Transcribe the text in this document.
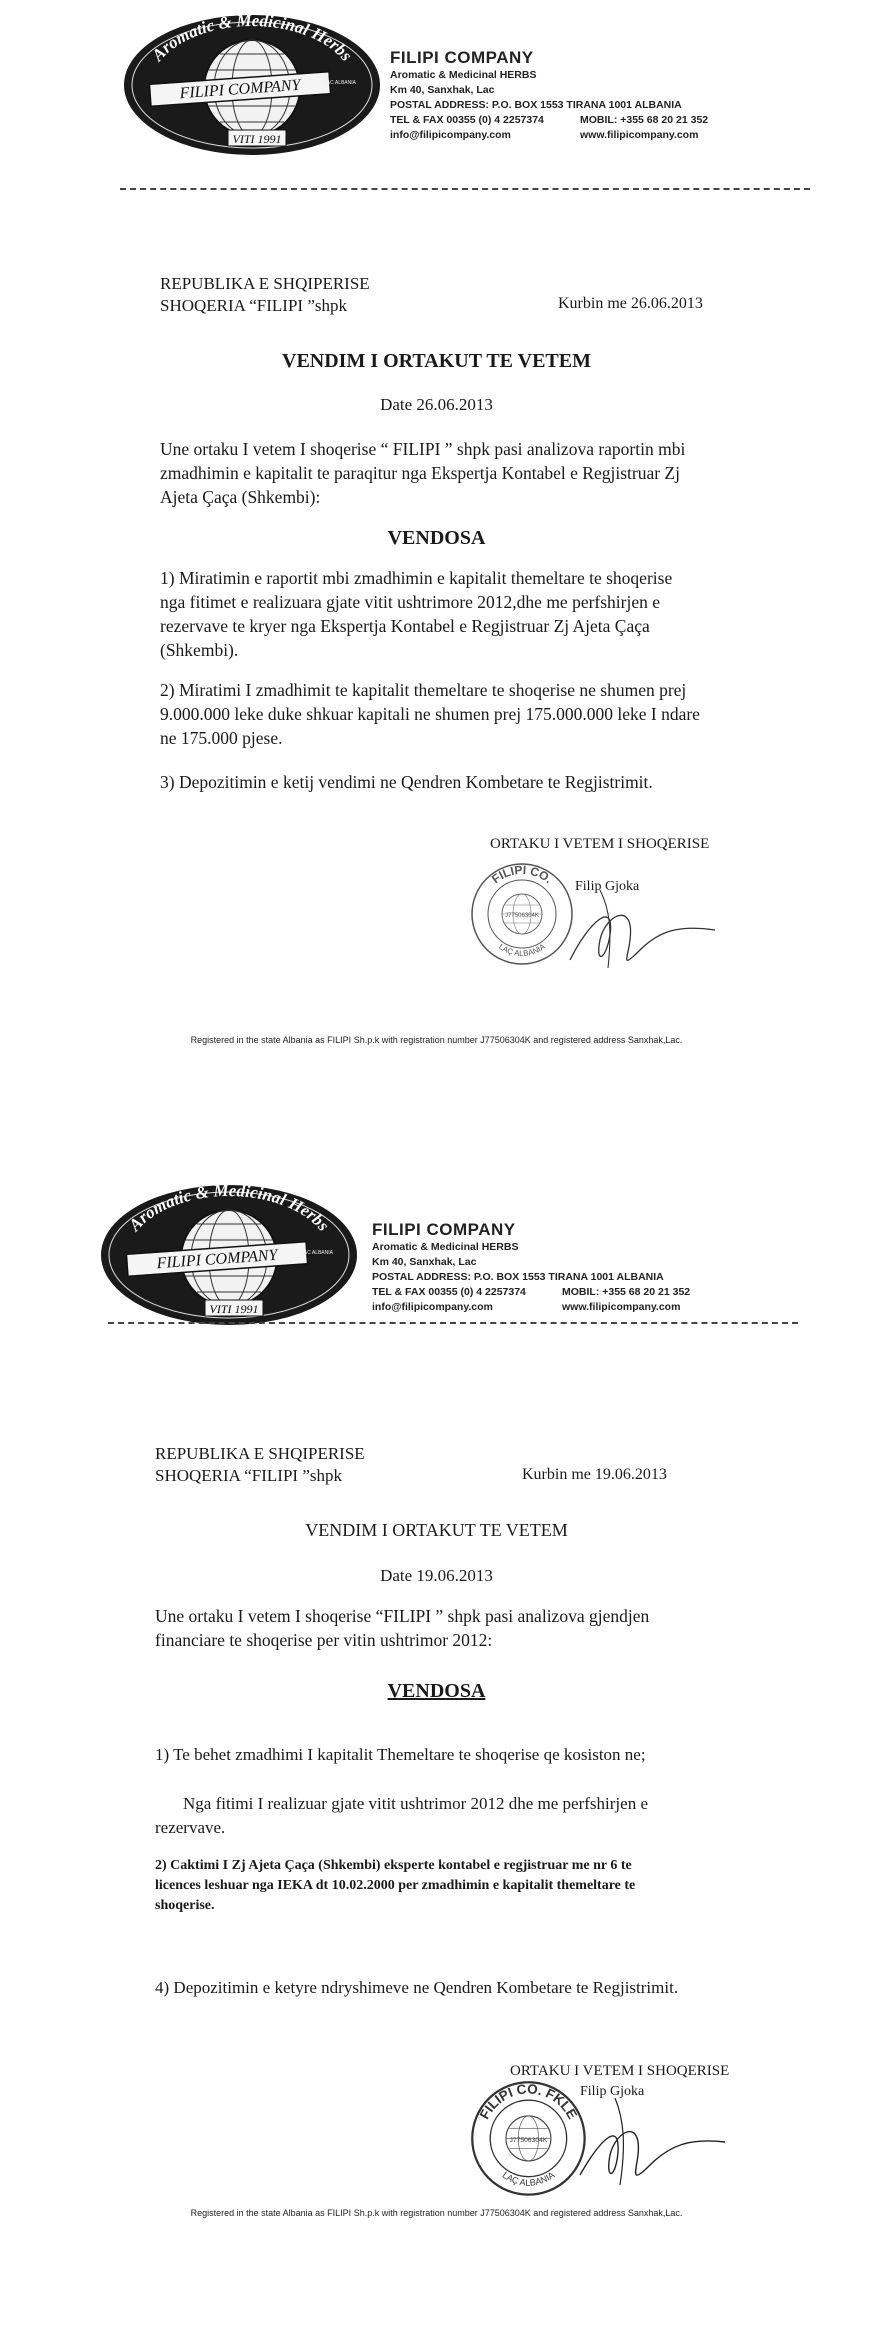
FILIPI COMPANY	LAC ALBANIA
Aromatic & Medicinal Herbs
VITI 1991
FILIPI COMPANY
Aromatic & Medicinal HERBS
Km 40, Sanxhak, Lac
POSTAL ADDRESS: P.O. BOX 1553 TIRANA 1001 ALBANIA
TEL & FAX 00355 (0) 4 2257374	MOBIL: +355 68 20 21 352
info@filipicompany.com	www.filipicompany.com
REPUBLIKA E SHQIPERISE
SHOQERIA “FILIPI ”shpk	Kurbin me 26.06.2013
VENDIM I ORTAKUT TE VETEM
Date 26.06.2013
Une ortaku I vetem I shoqerise “ FILIPI ” shpk pasi analizova raportin mbi
zmadhimin e kapitalit te paraqitur nga Ekspertja Kontabel e Regjistruar Zj
Ajeta Çaça (Shkembi):
VENDOSA
1) Miratimin e raportit mbi zmadhimin e kapitalit themeltare te shoqerise
nga fitimet e realizuara gjate vitit ushtrimore 2012,dhe me perfshirjen e
rezervave te kryer nga Ekspertja Kontabel e Regjistruar Zj Ajeta Çaça
(Shkembi).
2) Miratimi I zmadhimit te kapitalit themeltare te shoqerise ne shumen prej
9.000.000 leke duke shkuar kapitali ne shumen prej 175.000.000 leke I ndare
ne 175.000 pjese.
3) Depozitimin e ketij vendimi ne Qendren Kombetare te Regjistrimit.
ORTAKU I VETEM I SHOQERISE
FILIPI CO.
LAÇ ALBANIA
J77506304K
Filip Gjoka
Registered in the state Albania as FILIPI Sh.p.k with registration number J77506304K and registered address Sanxhak,Lac.
FILIPI COMPANY	LAC ALBANIA
Aromatic & Medicinal Herbs
VITI 1991
FILIPI COMPANY
Aromatic & Medicinal HERBS
Km 40, Sanxhak, Lac
POSTAL ADDRESS: P.O. BOX 1553 TIRANA 1001 ALBANIA
TEL & FAX 00355 (0) 4 2257374	MOBIL: +355 68 20 21 352
info@filipicompany.com	www.filipicompany.com
REPUBLIKA E SHQIPERISE
SHOQERIA “FILIPI ”shpk	Kurbin me 19.06.2013
VENDIM I ORTAKUT TE VETEM
Date 19.06.2013
Une ortaku I vetem I shoqerise “FILIPI ” shpk pasi analizova gjendjen
financiare te shoqerise per vitin ushtrimor 2012:
VENDOSA
1) Te behet zmadhimi I kapitalit Themeltare te shoqerise qe kosiston ne;
Nga fitimi I realizuar gjate vitit ushtrimor 2012 dhe me perfshirjen e
rezervave.
2) Caktimi I Zj Ajeta Çaça (Shkembi) eksperte kontabel e regjistruar me nr 6 te
licences leshuar nga IEKA dt 10.02.2000 per zmadhimin e kapitalit themeltare te
shoqerise.
4) Depozitimin e ketyre ndryshimeve ne Qendren Kombetare te Regjistrimit.
ORTAKU I VETEM I SHOQERISE
FILIPI CO. FKLE
LAÇ ALBANIA
J77506304K
Filip Gjoka
Registered in the state Albania as FILIPI Sh.p.k with registration number J77506304K and registered address Sanxhak,Lac.
